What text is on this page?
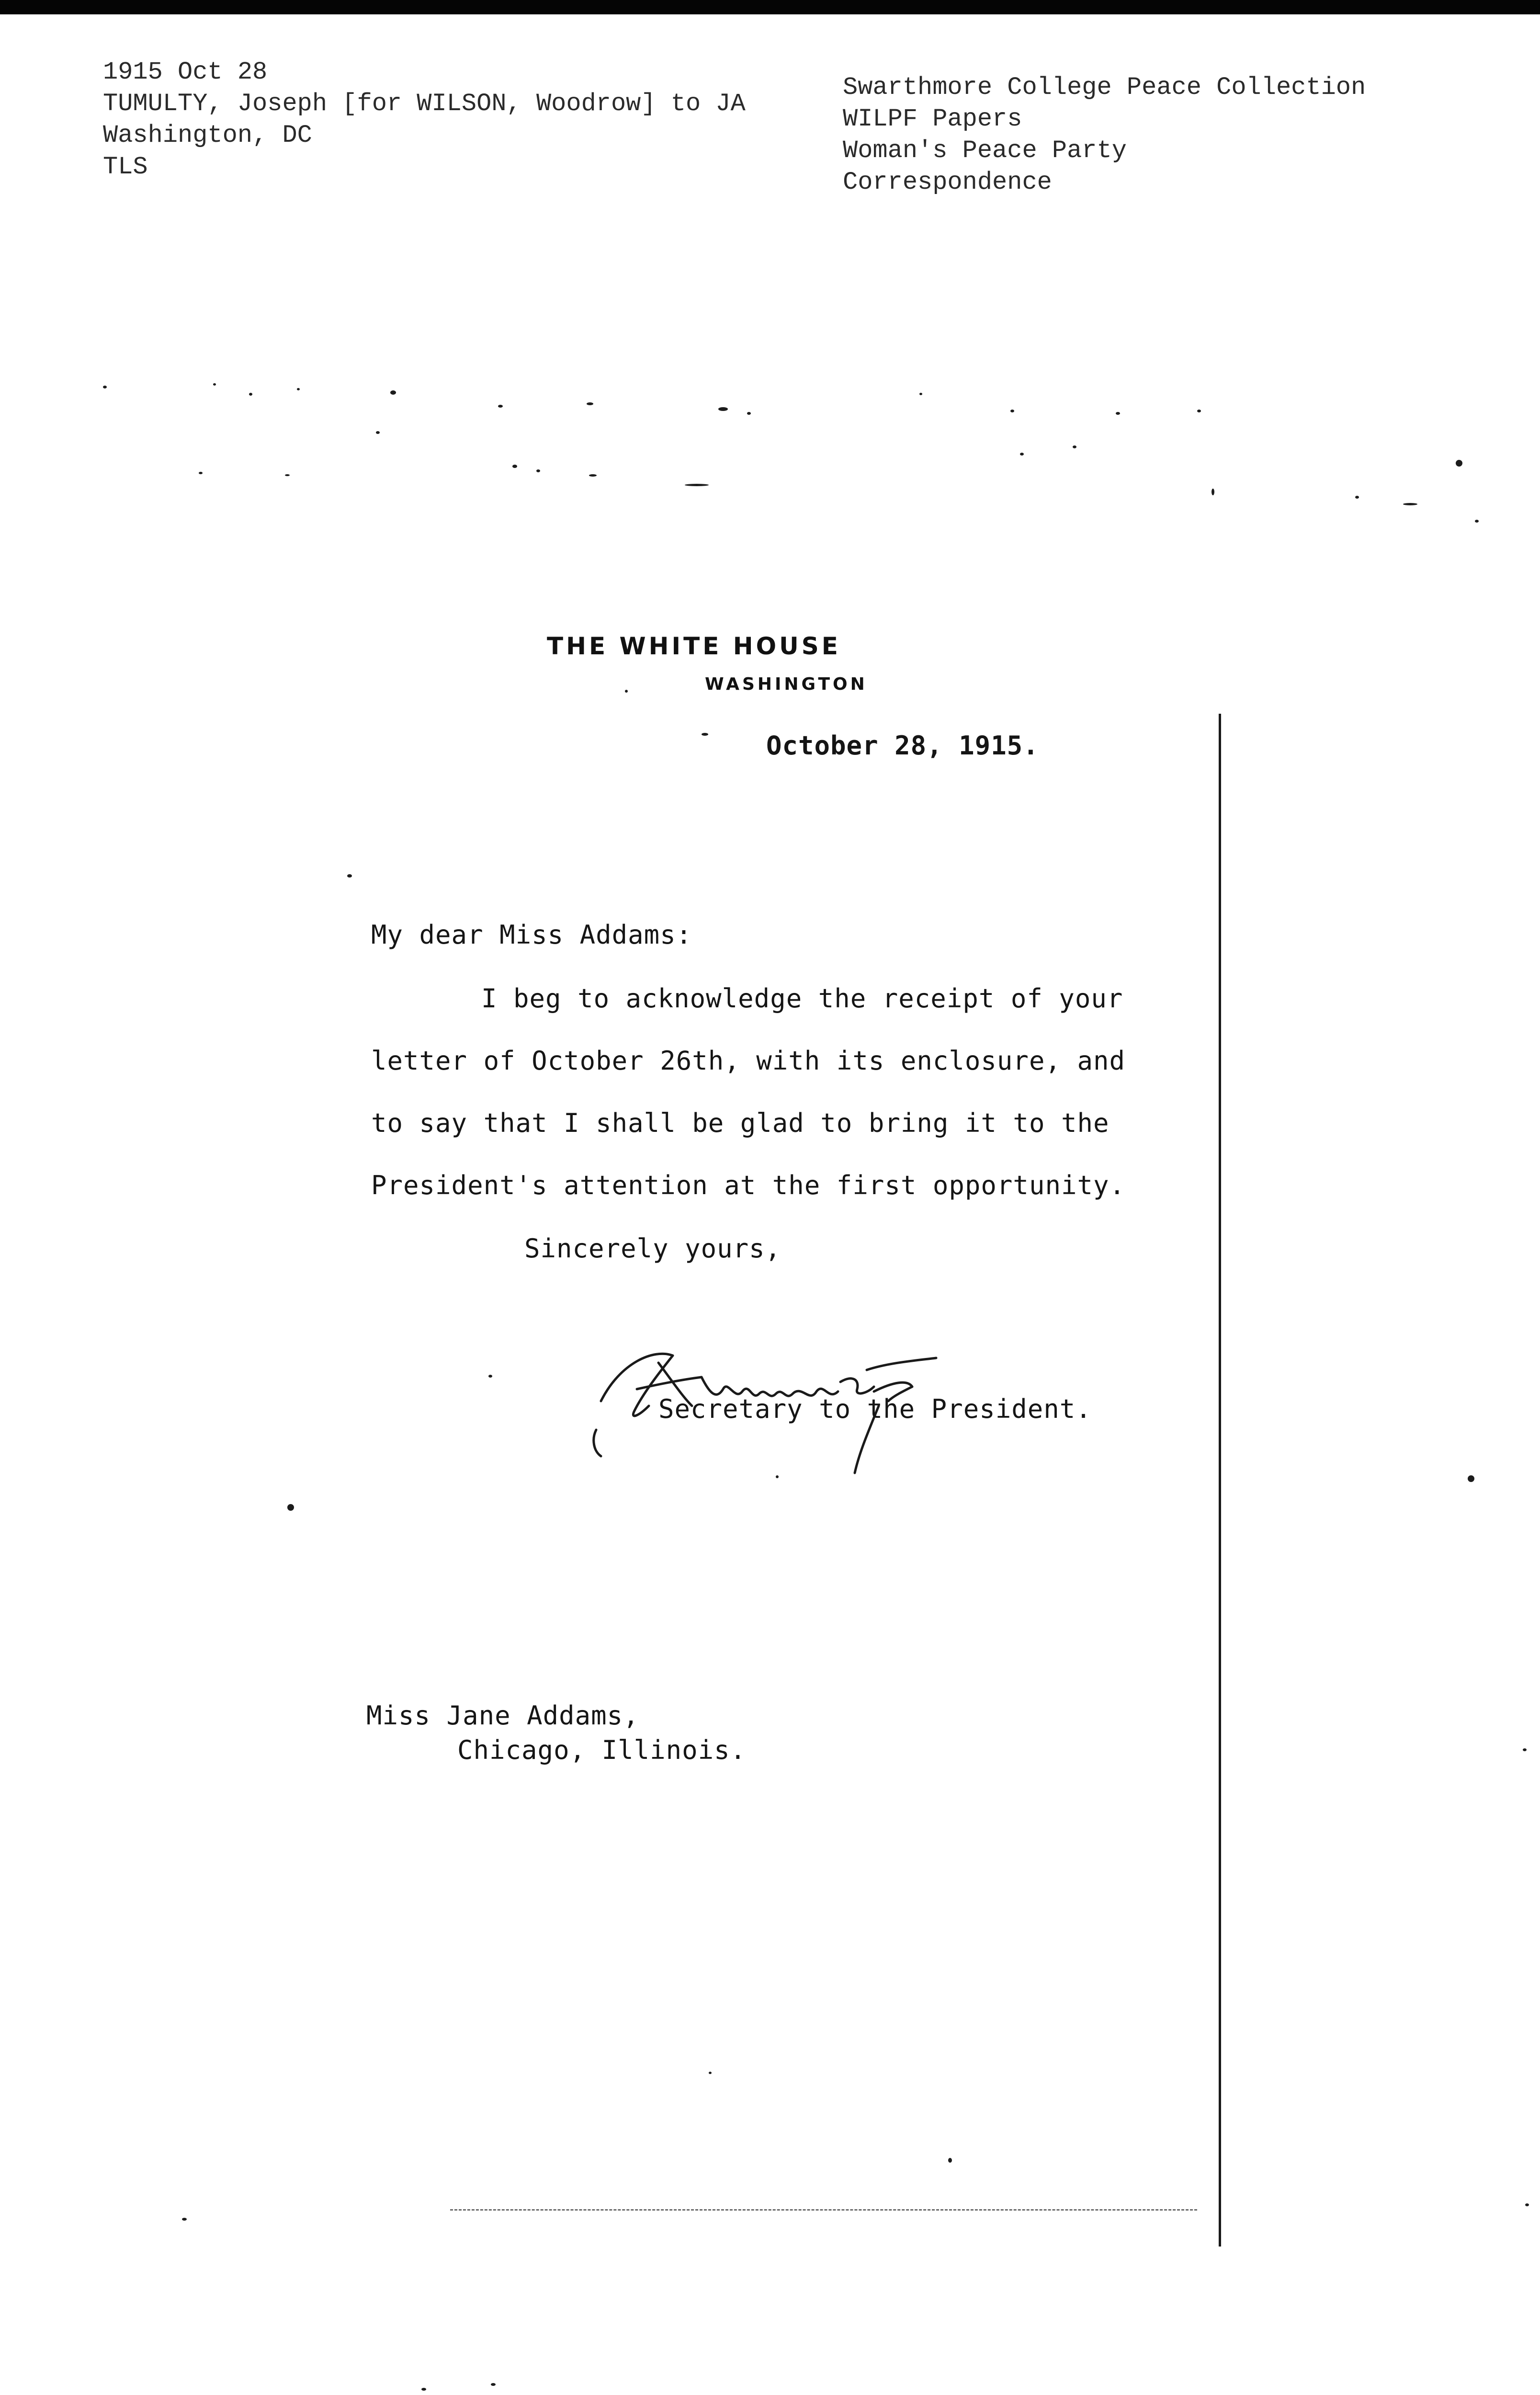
1915 Oct 28
TUMULTY, Joseph [for WILSON, Woodrow] to JA
Washington, DC
TLS
Swarthmore College Peace Collection
WILPF Papers
Woman's Peace Party
Correspondence
THE WHITE HOUSE
WASHINGTON
October 28, 1915.
My dear Miss Addams:
I beg to acknowledge the receipt of your
letter of October 26th, with its enclosure, and
to say that I shall be glad to bring it to the
President's attention at the first opportunity.
Sincerely yours,
Secretary to the President.
Miss Jane Addams,
Chicago, Illinois.
